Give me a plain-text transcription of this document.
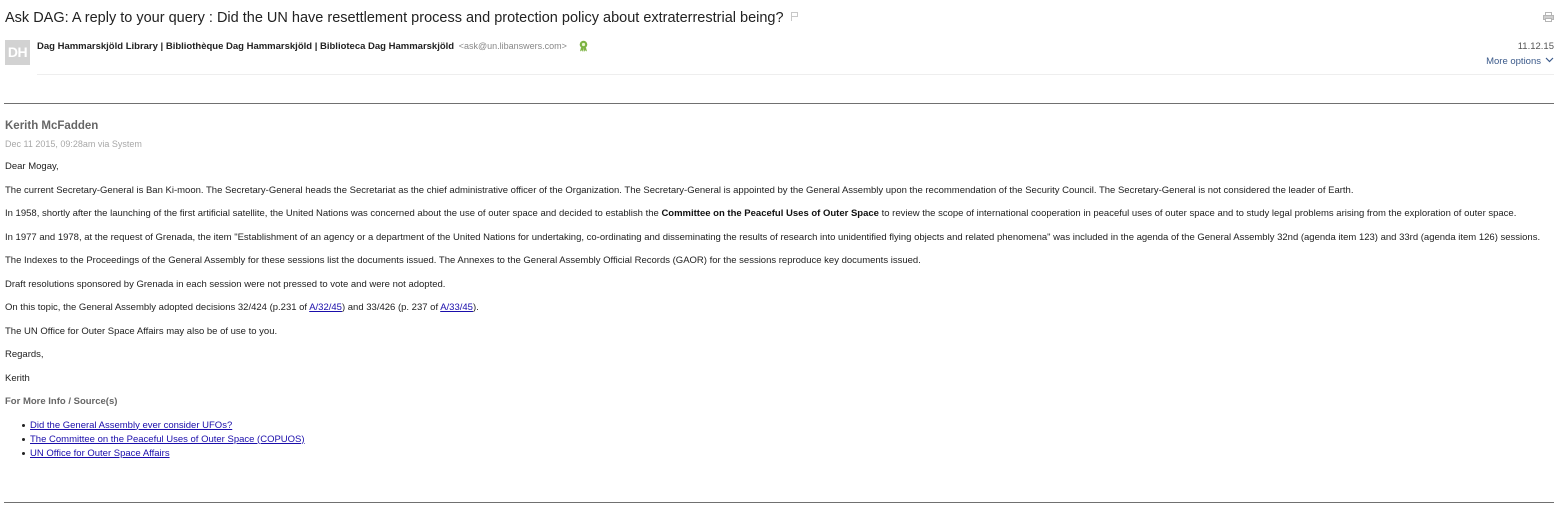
Ask DAG: A reply to your query : Did the UN have resettlement process and protection policy about extraterrestrial being?
DH	Dag Hammarskjöld Library | Bibliothèque Dag Hammarskjöld | Biblioteca Dag Hammarskjöld <ask@un.libanswers.com>	11.12.15
More options
Kerith McFadden
Dec 11 2015, 09:28am via System

Dear Mogay,

The current Secretary-General is Ban Ki-moon. The Secretary-General heads the Secretariat as the chief administrative officer of the Organization. The Secretary-General is appointed by the General Assembly upon the recommendation of the Security Council. The Secretary-General is not considered the leader of Earth.

In 1958, shortly after the launching of the first artificial satellite, the United Nations was concerned about the use of outer space and decided to establish the Committee on the Peaceful Uses of Outer Space to review the scope of international cooperation in peaceful uses of outer space and to study legal problems arising from the exploration of outer space.

In 1977 and 1978, at the request of Grenada, the item "Establishment of an agency or a department of the United Nations for undertaking, co-ordinating and disseminating the results of research into unidentified flying objects and related phenomena" was included in the agenda of the General Assembly 32nd (agenda item 123) and 33rd (agenda item 126) sessions.

The Indexes to the Proceedings of the General Assembly for these sessions list the documents issued. The Annexes to the General Assembly Official Records (GAOR) for the sessions reproduce key documents issued.

Draft resolutions sponsored by Grenada in each session were not pressed to vote and were not adopted.

On this topic, the General Assembly adopted decisions 32/424 (p.231 of A/32/45) and 33/426 (p. 237 of A/33/45).

The UN Office for Outer Space Affairs may also be of use to you.

Regards,

Kerith

For More Info / Source(s)

Did the General Assembly ever consider UFOs?
The Committee on the Peaceful Uses of Outer Space (COPUOS)
UN Office for Outer Space Affairs
